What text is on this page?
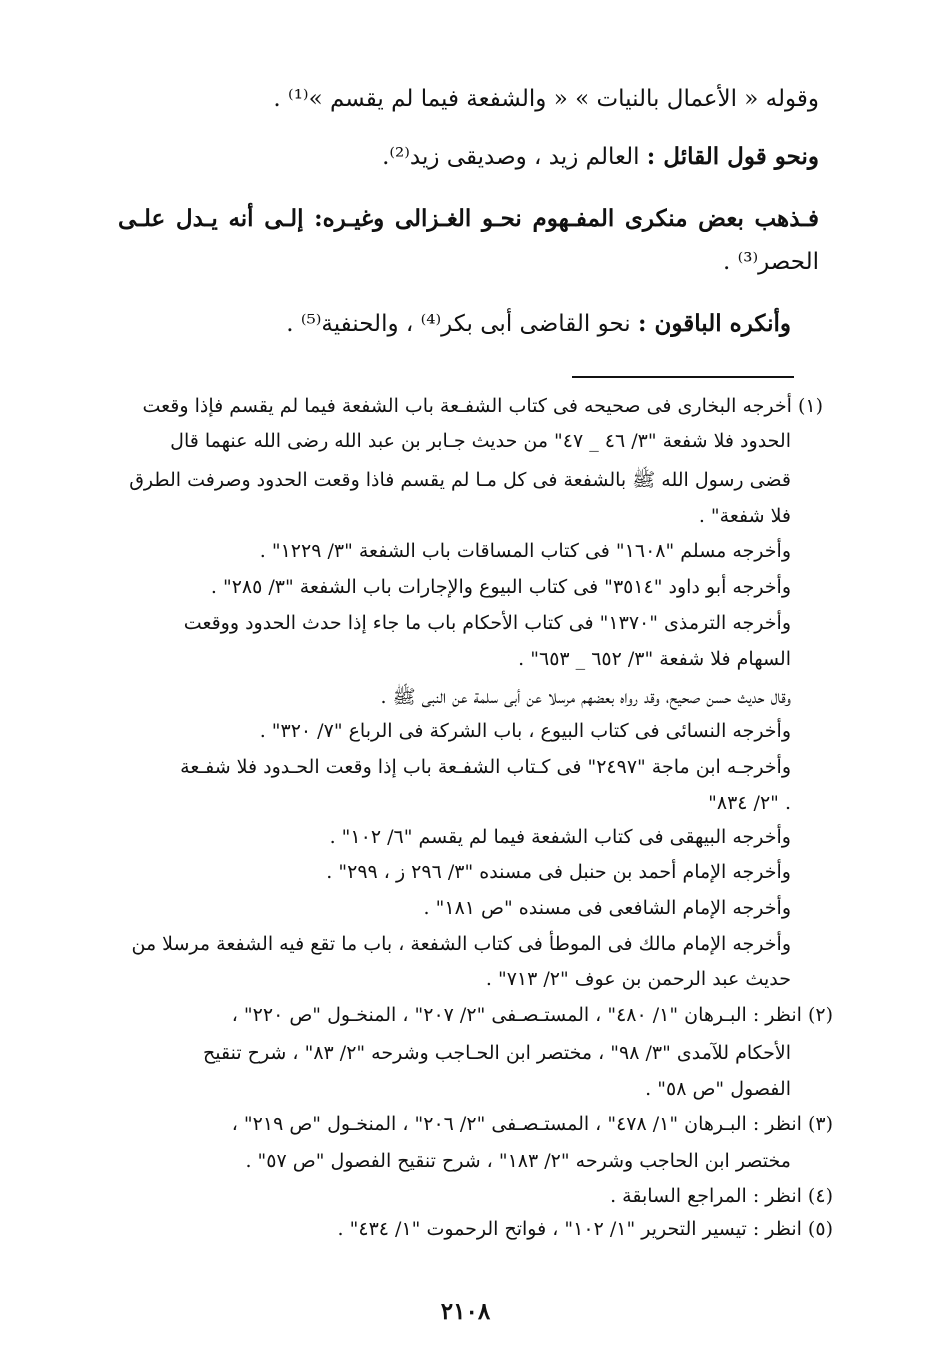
وقوله « الأعمال بالنيات » « والشفعة فيما لم يقسم »⁽¹⁾ .
ونحو قول القائل : العالم زيد ، وصديقى زيد⁽²⁾.
فـذهب بعض منكرى المفـهوم نحـو الغـزالى وغيـره: إلـى أنه يـدل علـى
الحصر⁽³⁾ .
وأنكره الباقون : نحو القاضى أبى بكر⁽⁴⁾ ، والحنفية⁽⁵⁾ .
(١) أخرجه البخارى فى صحيحه فى كتاب الشفـعة باب الشفعة فيما لم يقسم فإذا وقعت
الحدود فلا شفعة "٣/ ٤٦ _ ٤٧" من حديث جـابر بن عبد الله رضى الله عنهما قال
قضى رسول الله ﷺ بالشفعة فى كل مـا لم يقسم فاذا وقعت الحدود وصرفت الطرق
فلا شفعة" .
وأخرجه مسلم "١٦٠٨" فى كتاب المساقات باب الشفعة "٣/ ١٢٢٩" .
وأخرجه أبو داود "٣٥١٤" فى كتاب البيوع والإجارات باب الشفعة "٣/ ٢٨٥" .
وأخرجه الترمذى "١٣٧٠" فى كتاب الأحكام باب ما جاء إذا حدث الحدود ووقعت
السهام فلا شفعة "٣/ ٦٥٢ _ ٦٥٣" .
وقال حديث حسن صحيح، وقد رواه بعضهم مرسلا عن أبى سلمة عن النبى ﷺ .
وأخرجه النسائى فى كتاب البيوع ، باب الشركة فى الرباع "٧/ ٣٢٠" .
وأخرجـه ابن ماجة "٢٤٩٧" فى كـتاب الشفـعة باب إذا وقعت الحـدود فلا شفـعة
"٢/ ٨٣٤" .
وأخرجه البيهقى فى كتاب الشفعة فيما لم يقسم "٦/ ١٠٢" .
وأخرجه الإمام أحمد بن حنبل فى مسنده "٣/ ٢٩٦ ز ، ٢٩٩" .
وأخرجه الإمام الشافعى فى مسنده "ص ١٨١" .
وأخرجه الإمام مالك فى الموطأ فى كتاب الشفعة ، باب ما تقع فيه الشفعة مرسلا من
حديث عبد الرحمن بن عوف "٢/ ٧١٣" .
(٢) انظر : البـرهان "١/ ٤٨٠" ، المستـصـفى "٢/ ٢٠٧" ، المنخـول "ص ٢٢٠" ،
الأحكام للآمدى "٣/ ٩٨" ، مختصر ابن الحـاجب وشرحه "٢/ ٨٣" ، شرح تنقيح
الفصول "ص ٥٨" .
(٣) انظر : البـرهان "١/ ٤٧٨" ، المستـصـفى "٢/ ٢٠٦" ، المنخـول "ص ٢١٩" ،
مختصر ابن الحاجب وشرحه "٢/ ١٨٣" ، شرح تنقيح الفصول "ص ٥٧" .
(٤) انظر : المراجع السابقة .
(٥) انظر : تيسير التحرير "١/ ١٠٢" ، فواتح الرحموت "١/ ٤٣٤" .
٢١٠٨
